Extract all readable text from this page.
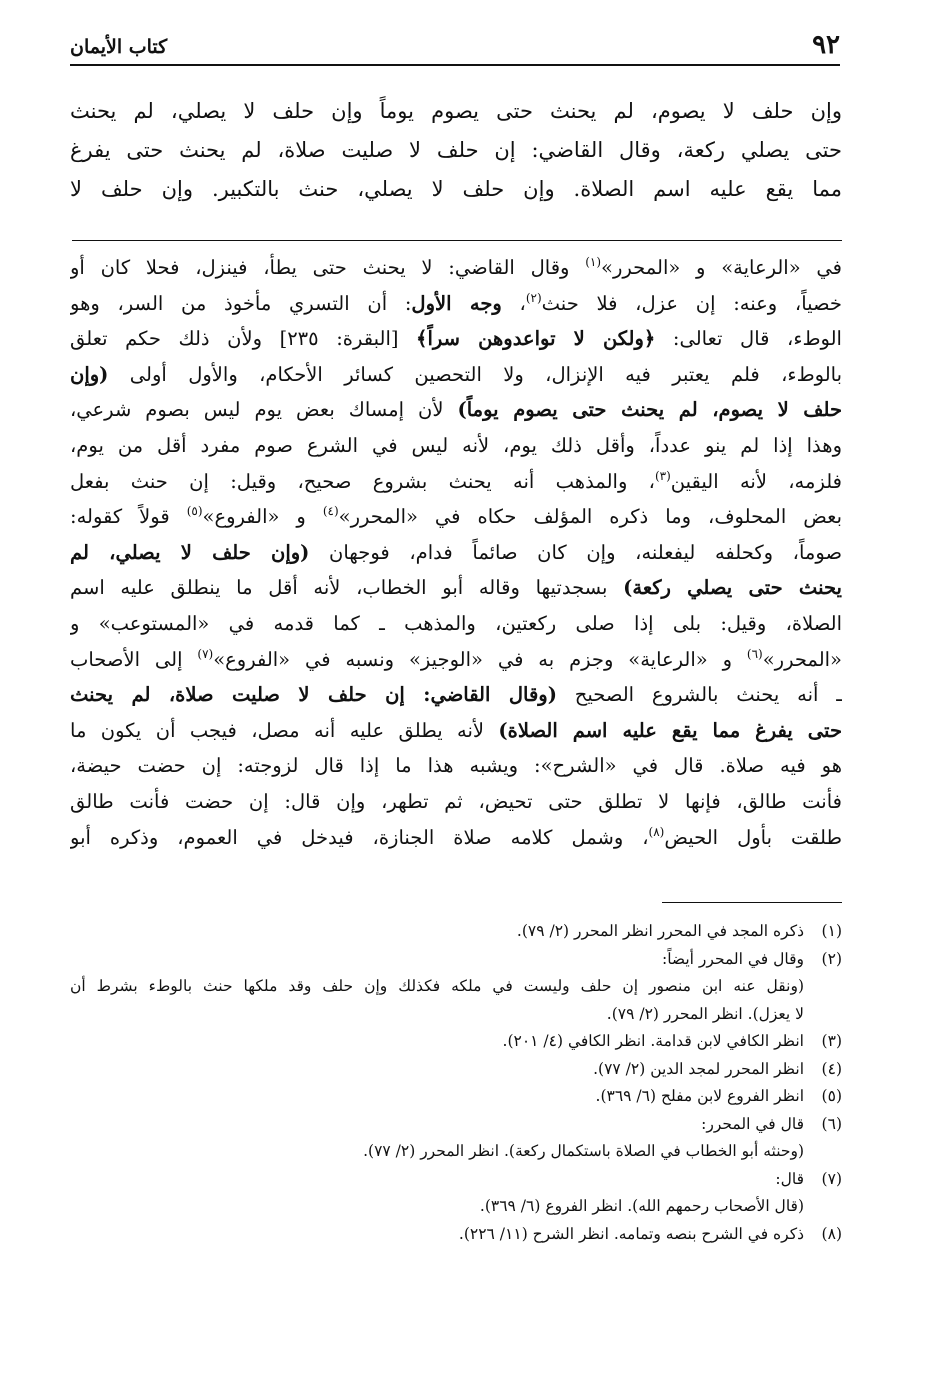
٩٢
كتاب الأيمان
وإن حلف لا يصوم، لم يحنث حتى يصوم يوماً وإن حلف لا يصلي، لم يحنث
حتى يصلي ركعة، وقال القاضي: إن حلف لا صليت صلاة، لم يحنث حتى يفرغ
مما يقع عليه اسم الصلاة. وإن حلف لا يصلي، حنث بالتكبير. وإن حلف لا
في «الرعاية» و «المحرر»$^{(١)}$ وقال القاضي: لا يحنث حتى يطأ، فينزل، فحلا كان أو
خصياً، وعنه: إن عزل، فلا حنث$^{(٢)}$، وجه الأول: أن التسري مأخوذ من السر، وهو
الوطء، قال تعالى: ﴿ولكن لا تواعدوهن سراً﴾ [البقرة: ٢٣٥] ولأن ذلك حكم تعلق
بالوطء، فلم يعتبر فيه الإنزال، ولا التحصين كسائر الأحكام، والأول أولى (وإن
حلف لا يصوم، لم يحنث حتى يصوم يوماً) لأن إمساك بعض يوم ليس بصوم شرعي،
وهذا إذا لم ينو عدداً، وأقل ذلك يوم، لأنه ليس في الشرع صوم مفرد أقل من يوم،
فلزمه، لأنه اليقين$^{(٣)}$، والمذهب أنه يحنث بشروع صحيح، وقيل: إن حنث بفعل
بعض المحلوف، وما ذكره المؤلف حكاه في «المحرر»$^{(٤)}$ و «الفروع»$^{(٥)}$ قولاً كقوله:
صوماً، وكحلفه ليفعلنه، وإن كان صائماً فدام، فوجهان (وإن حلف لا يصلي، لم
يحنث حتى يصلي ركعة) بسجدتيها وقاله أبو الخطاب، لأنه أقل ما ينطلق عليه اسم
الصلاة، وقيل: بلى إذا صلى ركعتين، والمذهب ـ كما قدمه في «المستوعب» و
«المحرر»$^{(٦)}$ و «الرعاية» وجزم به في «الوجيز» ونسبه في «الفروع»$^{(٧)}$ إلى الأصحاب
ـ أنه يحنث بالشروع الصحيح (وقال القاضي: إن حلف لا صليت صلاة، لم يحنث
حتى يفرغ مما يقع عليه اسم الصلاة) لأنه يطلق عليه أنه مصل، فيجب أن يكون ما
هو فيه صلاة. قال في «الشرح»: ويشبه هذا ما إذا قال لزوجته: إن حضت حيضة،
فأنت طالق، فإنها لا تطلق حتى تحيض، ثم تطهر، وإن قال: إن حضت فأنت طالق
طلقت بأول الحيض$^{(٨)}$، وشمل كلامه صلاة الجنازة، فيدخل في العموم، وذكره أبو
(١)ذكره المجد في المحرر انظر المحرر (٢/ ٧٩).
(٢)وقال في المحرر أيضاً:
(ونقل عنه ابن منصور إن حلف وليست في ملكه فكذلك وإن حلف وقد ملكها حنث بالوطء بشرط أن
لا يعزل). انظر المحرر (٢/ ٧٩).
(٣)انظر الكافي لابن قدامة. انظر الكافي (٤/ ٢٠١).
(٤)انظر المحرر لمجد الدين (٢/ ٧٧).
(٥)انظر الفروع لابن مفلح (٦/ ٣٦٩).
(٦)قال في المحرر:
(وحنثه أبو الخطاب في الصلاة باستكمال ركعة). انظر المحرر (٢/ ٧٧).
(٧)قال:
(قال الأصحاب رحمهم الله). انظر الفروع (٦/ ٣٦٩).
(٨)ذكره في الشرح بنصه وتمامه. انظر الشرح (١١/ ٢٢٦).
